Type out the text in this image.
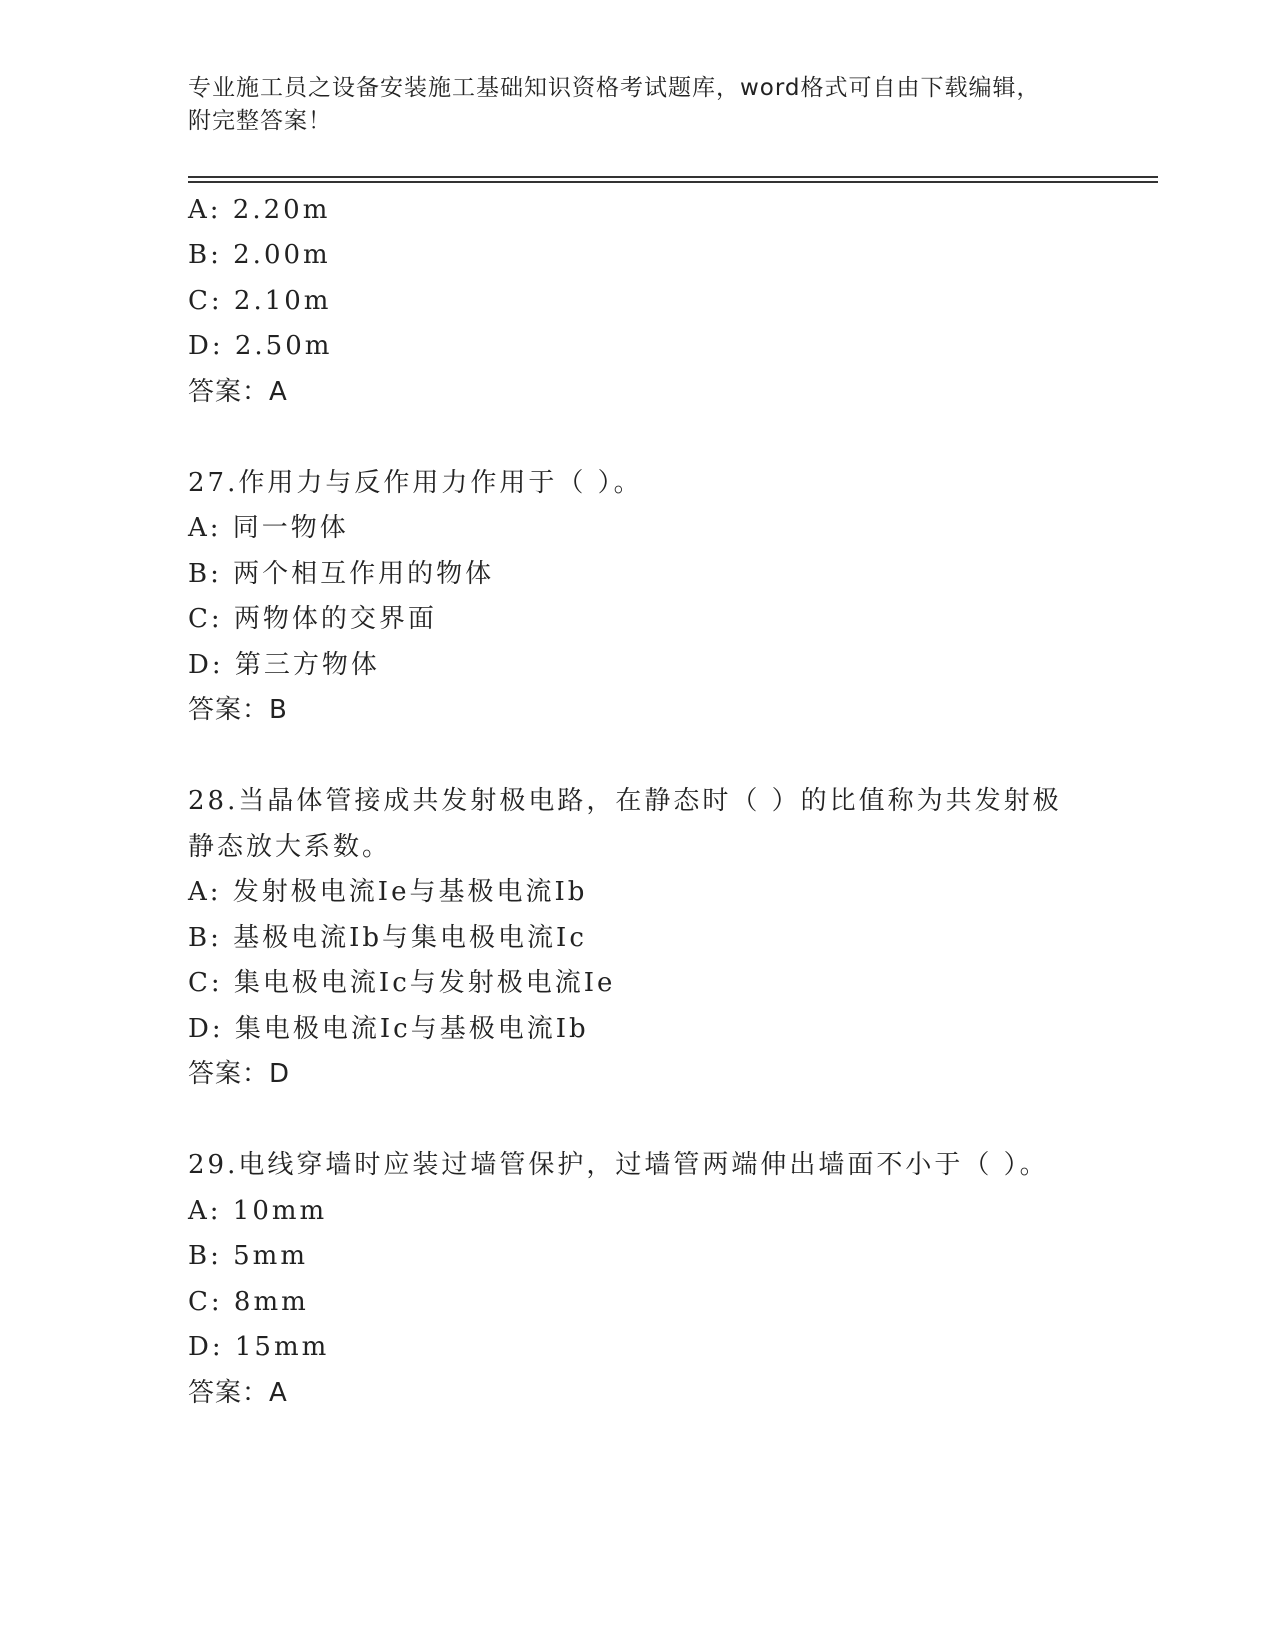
专业施工员之设备安装施工基础知识资格考试题库，word格式可自由下载编辑，
附完整答案！
A: 2.20m
B: 2.00m
C: 2.10m
D: 2.50m
答案：A
27.作用力与反作用力作用于（ ）。
A: 同一物体
B: 两个相互作用的物体
C: 两物体的交界面
D: 第三方物体
答案：B
28.当晶体管接成共发射极电路，在静态时（ ）的比值称为共发射极
静态放大系数。
A: 发射极电流Ie与基极电流Ib
B: 基极电流Ib与集电极电流Ic
C: 集电极电流Ic与发射极电流Ie
D: 集电极电流Ic与基极电流Ib
答案：D
29.电线穿墙时应装过墙管保护，过墙管两端伸出墙面不小于（ ）。
A: 10mm
B: 5mm
C: 8mm
D: 15mm
答案：A
